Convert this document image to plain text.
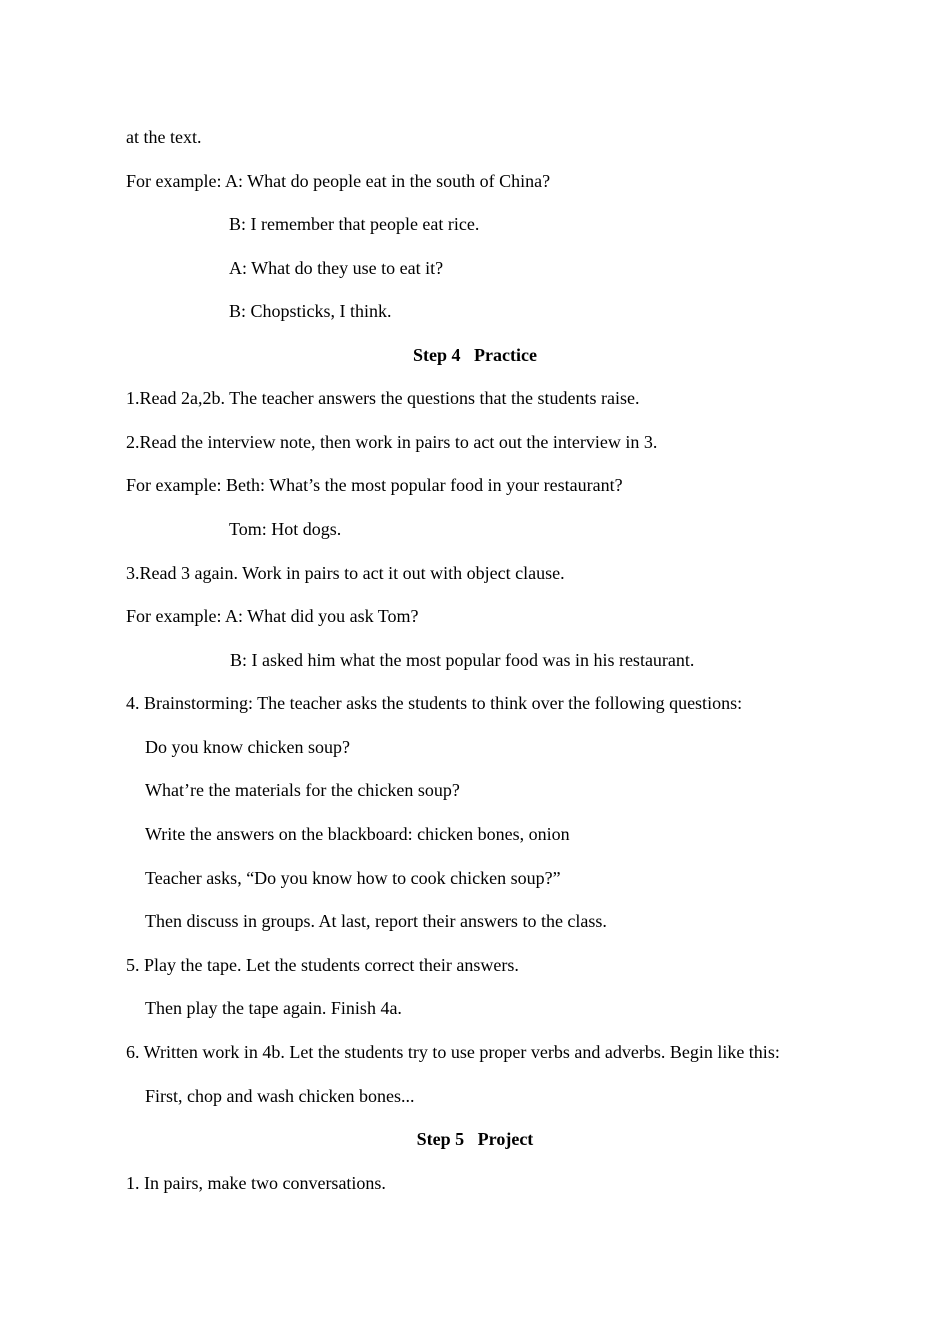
at the text.
For example: A: What do people eat in the south of China?
B: I remember that people eat rice.
A: What do they use to eat it?
B: Chopsticks, I think.
Step 4   Practice
1.Read 2a,2b. The teacher answers the questions that the students raise.
2.Read the interview note, then work in pairs to act out the interview in 3.
For example: Beth: What’s the most popular food in your restaurant?
Tom: Hot dogs.
3.Read 3 again. Work in pairs to act it out with object clause.
For example: A: What did you ask Tom?
B: I asked him what the most popular food was in his restaurant.
4. Brainstorming: The teacher asks the students to think over the following questions:
Do you know chicken soup?
What’re the materials for the chicken soup?
Write the answers on the blackboard: chicken bones, onion
Teacher asks, “Do you know how to cook chicken soup?”
Then discuss in groups. At last, report their answers to the class.
5. Play the tape. Let the students correct their answers.
Then play the tape again. Finish 4a.
6. Written work in 4b. Let the students try to use proper verbs and adverbs. Begin like this:
First, chop and wash chicken bones...
Step 5   Project
1. In pairs, make two conversations.
